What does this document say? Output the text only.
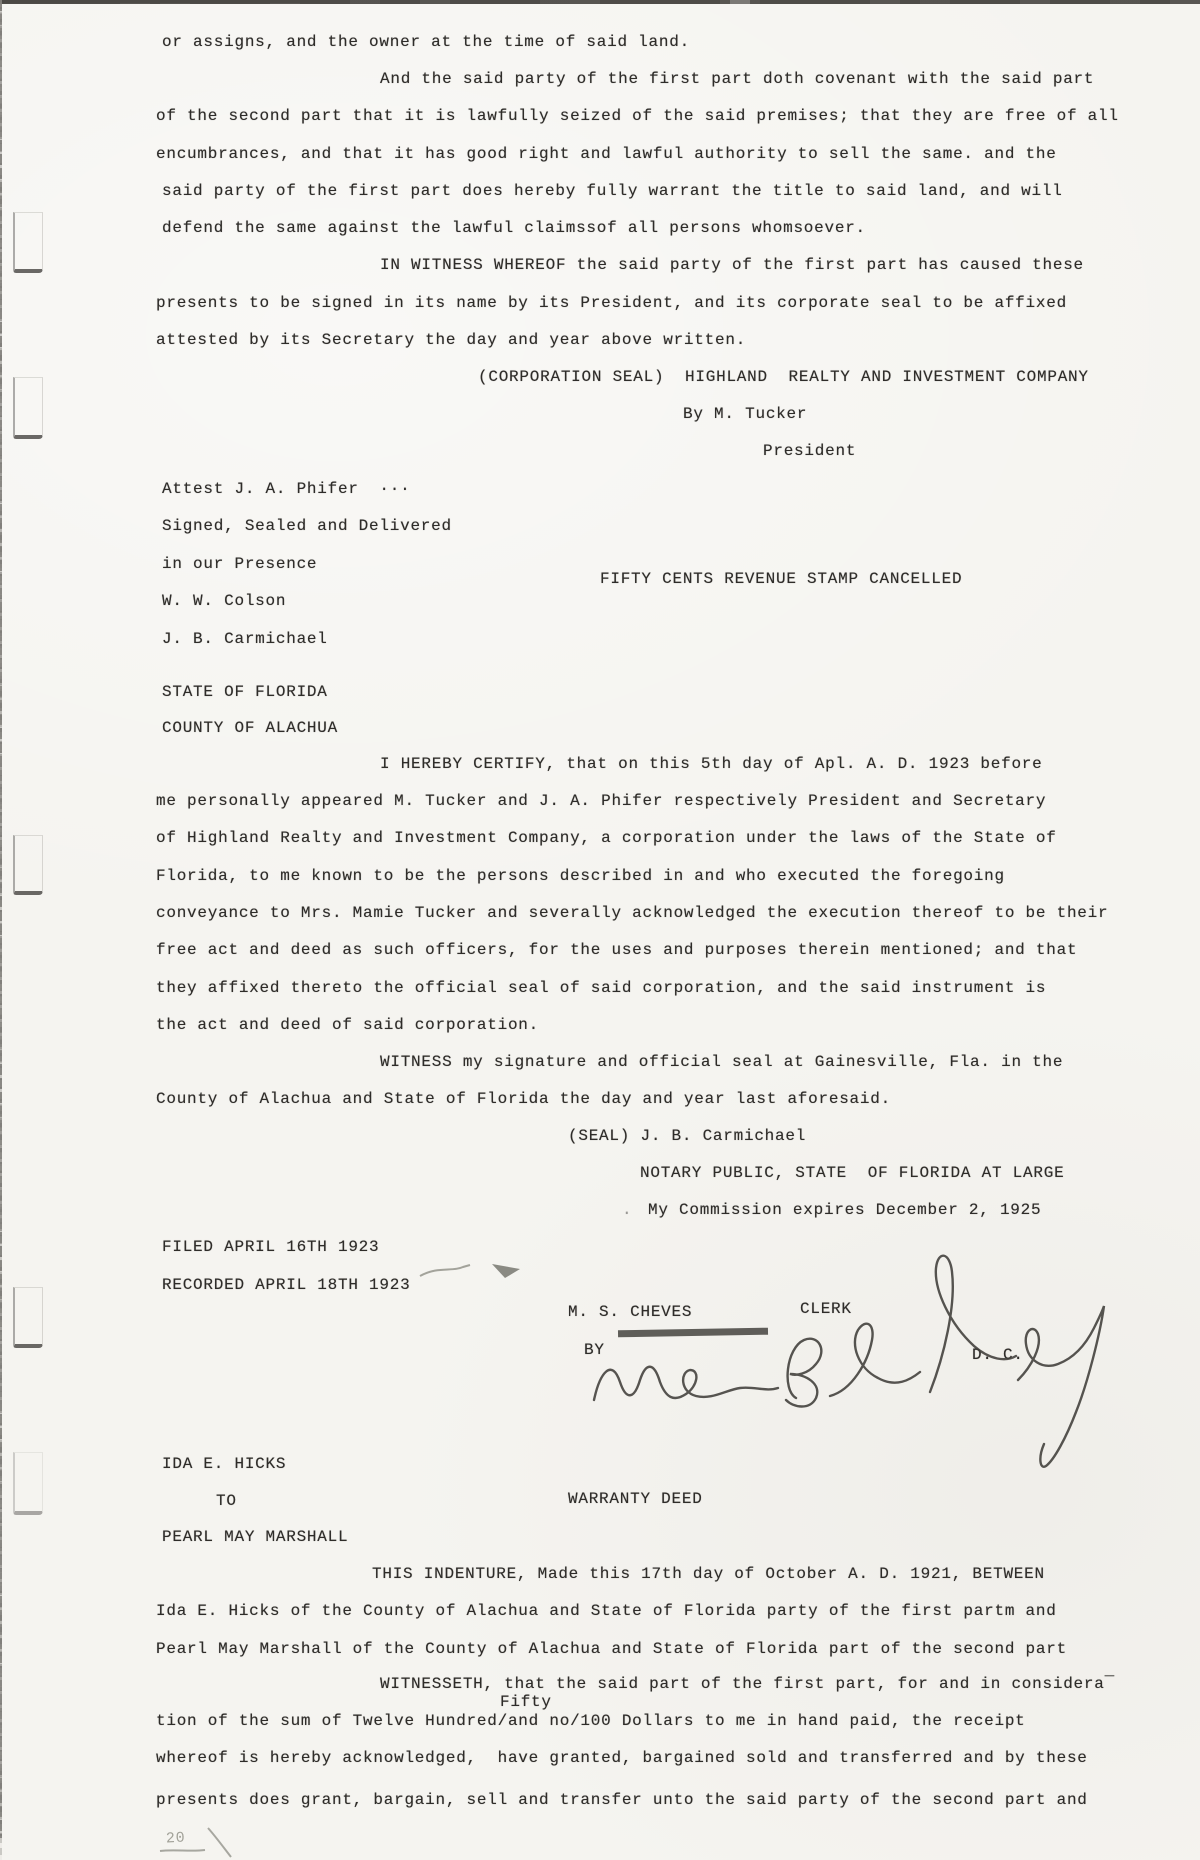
or assigns, and the owner at the time of said land.
And the said party of the first part doth covenant with the said part
of the second part that it is lawfully seized of the said premises; that they are free of all
encumbrances, and that it has good right and lawful authority to sell the same. and the
said party of the first part does hereby fully warrant the title to said land, and will
defend the same against the lawful claimssof all persons whomsoever.
IN WITNESS WHEREOF the said party of the first part has caused these
presents to be signed in its name by its President, and its corporate seal to be affixed
attested by its Secretary the day and year above written.
(CORPORATION SEAL)  HIGHLAND  REALTY AND INVESTMENT COMPANY
By M. Tucker
President
Attest J. A. Phifer  ···
Signed, Sealed and Delivered
in our Presence
FIFTY CENTS REVENUE STAMP CANCELLED
W. W. Colson
J. B. Carmichael
STATE OF FLORIDA
COUNTY OF ALACHUA
I HEREBY CERTIFY, that on this 5th day of Apl. A. D. 1923 before
me personally appeared M. Tucker and J. A. Phifer respectively President and Secretary
of Highland Realty and Investment Company, a corporation under the laws of the State of
Florida, to me known to be the persons described in and who executed the foregoing
conveyance to Mrs. Mamie Tucker and severally acknowledged the execution thereof to be their
free act and deed as such officers, for the uses and purposes therein mentioned; and that
they affixed thereto the official seal of said corporation, and the said instrument is
the act and deed of said corporation.
WITNESS my signature and official seal at Gainesville, Fla. in the
County of Alachua and State of Florida the day and year last aforesaid.
(SEAL) J. B. Carmichael
NOTARY PUBLIC, STATE  OF FLORIDA AT LARGE
· My Commission expires December 2, 1925
FILED APRIL 16TH 1923
RECORDED APRIL 18TH 1923
M. S. CHEVES	CLERK
BY	D. C.
IDA E. HICKS
TO	WARRANTY DEED
PEARL MAY MARSHALL
THIS INDENTURE, Made this 17th day of October A. D. 1921, BETWEEN
Ida E. Hicks of the County of Alachua and State of Florida party of the first partm and
Pearl May Marshall of the County of Alachua and State of Florida part of the second part
WITNESSETH, that the said part of the first part, for and in considera¯
Fifty
tion of the sum of Twelve Hundred/and no/100 Dollars to me in hand paid, the receipt
whereof is hereby acknowledged,  have granted, bargained sold and transferred and by these
presents does grant, bargain, sell and transfer unto the said party of the second part and
20
